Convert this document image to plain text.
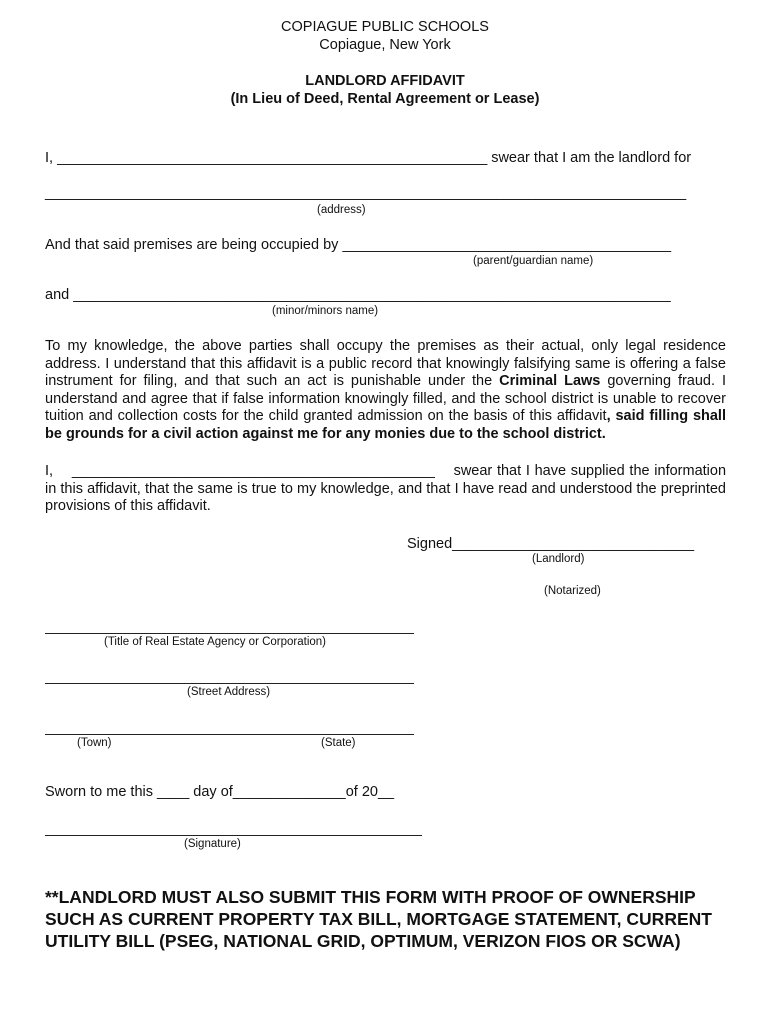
COPIAGUE PUBLIC SCHOOLS
Copiague, New York
LANDLORD AFFIDAVIT
(In Lieu of Deed, Rental Agreement or Lease)
I, ______________________________________________________ swear that I am the landlord for
_________________________________________________________________________________
(address)
And that said premises are being occupied by _________________________________________
(parent/guardian name)
and ___________________________________________________________________________
(minor/minors name)
To my knowledge, the above parties shall occupy the premises as their actual, only legal residence address. I understand that this affidavit is a public record that knowingly falsifying same is offering a false instrument for filing, and that such an act is punishable under the Criminal Laws governing fraud. I understand and agree that if false information knowingly filled, and the school district is unable to recover tuition and collection costs for the child granted admission on the basis of this affidavit, said filling shall be grounds for a civil action against me for any monies due to the school district.
I, _____________________________________________ swear that I have supplied the information in this affidavit, that the same is true to my knowledge, and that I have read and understood the preprinted provisions of this affidavit.
Signed______________________________
(Landlord)
(Notarized)
(Title of Real Estate Agency or Corporation)
(Street Address)
(Town)	(State)
Sworn to me this ____ day of______________of 20__
(Signature)
**LANDLORD MUST ALSO SUBMIT THIS FORM WITH PROOF OF OWNERSHIP SUCH AS CURRENT PROPERTY TAX BILL, MORTGAGE STATEMENT, CURRENT UTILITY BILL (PSEG, NATIONAL GRID, OPTIMUM, VERIZON FIOS OR SCWA)
